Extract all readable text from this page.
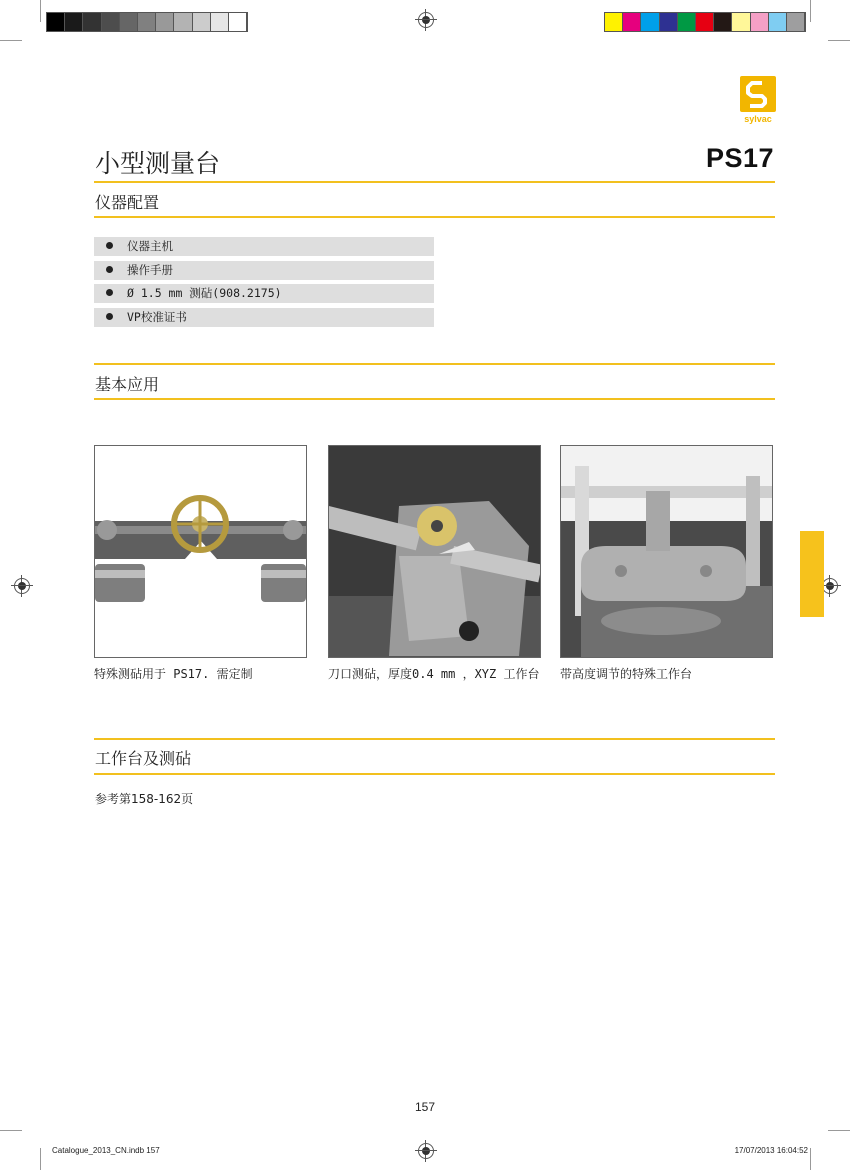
sylvac
小型测量台	PS17
仪器配置
仪器主机
操作手册
Ø 1.5 mm 测砧(908.2175)
VP校准证书
基本应用
特殊测砧用于 PS17. 需定制	刀口测砧，厚度0.4 mm ，XYZ 工作台 带高度调节的特殊工作台
工作台及测砧
参考第158-162页
157
Catalogue_2013_CN.indb 157	17/07/2013 16:04:52
